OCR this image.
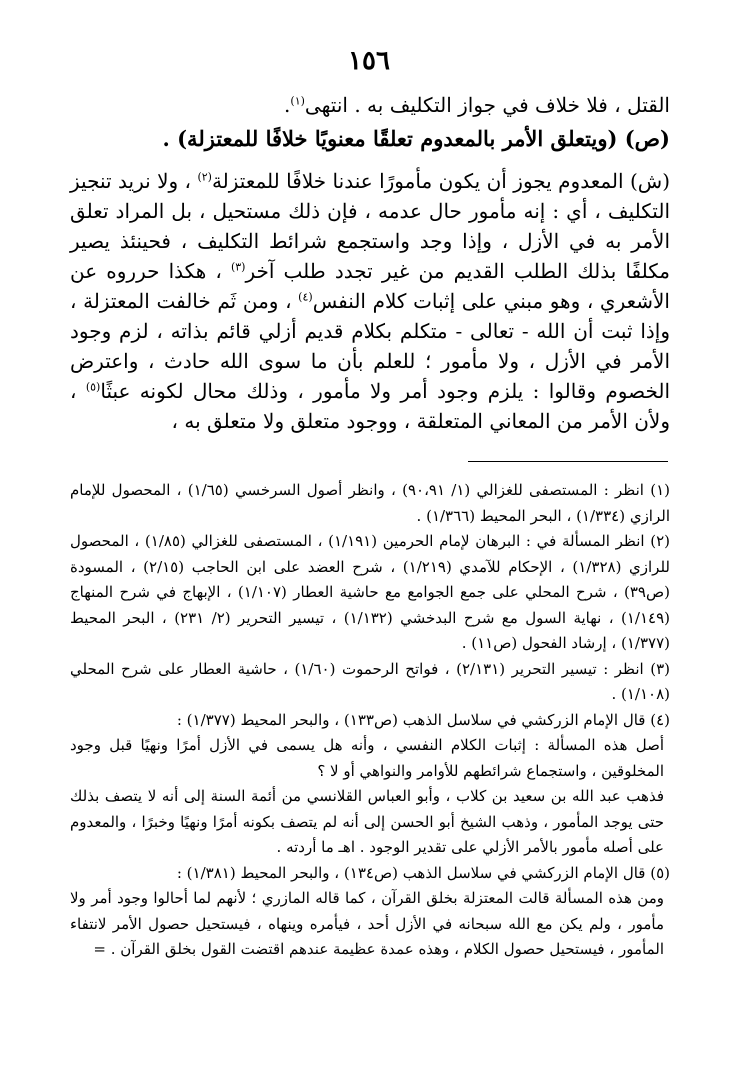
١٥٦

القتل ، فلا خلاف في جواز التكليف به . انتهى$^{(١)}$.

(ص) (ويتعلق الأمر بالمعدوم تعلقًا معنويًا خلافًا للمعتزلة) .

(ش) المعدوم يجوز أن يكون مأمورًا عندنا خلافًا للمعتزلة$^{(٢)}$ ، ولا نريد تنجيز التكليف ، أي : إنه مأمور حال عدمه ، فإن ذلك مستحيل ، بل المراد تعلق الأمر به في الأزل ، وإذا وجد واستجمع شرائط التكليف ، فحينئذ يصير مكلفًا بذلك الطلب القديم من غير تجدد طلب آخر$^{(٣)}$ ، هكذا حرروه عن الأشعري ، وهو مبني على إثبات كلام النفس$^{(٤)}$ ، ومن ثَم خالفت المعتزلة ، وإذا ثبت أن الله - تعالى - متكلم بكلام قديم أزلي قائم بذاته ، لزم وجود الأمر في الأزل ، ولا مأمور ؛ للعلم بأن ما سوى الله حادث ، واعترض الخصوم وقالوا : يلزم وجود أمر ولا مأمور ، وذلك محال لكونه عبثًا$^{(٥)}$ ، ولأن الأمر من المعاني المتعلقة ، ووجود متعلق ولا متعلق به ،

(١) انظر : المستصفى للغزالي (١/ ٩٠،٩١) ، وانظر أصول السرخسي (١/٦٥) ، المحصول للإمام الرازي (١/٣٣٤) ، البحر المحيط (١/٣٦٦) .

(٢) انظر المسألة في : البرهان لإمام الحرمين (١/١٩١) ، المستصفى للغزالي (١/٨٥) ، المحصول للرازي (١/٣٢٨) ، الإحكام للآمدي (١/٢١٩) ، شرح العضد على ابن الحاجب (٢/١٥) ، المسودة (ص٣٩) ، شرح المحلي على جمع الجوامع مع حاشية العطار (١/١٠٧) ، الإبهاج في شرح المنهاج (١/١٤٩) ، نهاية السول مع شرح البدخشي (١/١٣٢) ، تيسير التحرير (٢/ ٢٣١) ، البحر المحيط (١/٣٧٧) ، إرشاد الفحول (ص١١) .

(٣) انظر : تيسير التحرير (٢/١٣١) ، فواتح الرحموت (١/٦٠) ، حاشية العطار على شرح المحلي (١/١٠٨) .

(٤) قال الإمام الزركشي في سلاسل الذهب (ص١٣٣) ، والبحر المحيط (١/٣٧٧) :

أصل هذه المسألة : إثبات الكلام النفسي ، وأنه هل يسمى في الأزل أمرًا ونهيًا قبل وجود المخلوقين ، واستجماع شرائطهم للأوامر والنواهي أو لا ؟

فذهب عبد الله بن سعيد بن كلاب ، وأبو العباس القلانسي من أئمة السنة إلى أنه لا يتصف بذلك حتى يوجد المأمور ، وذهب الشيخ أبو الحسن إلى أنه لم يتصف بكونه أمرًا ونهيًا وخبرًا ، والمعدوم على أصله مأمور بالأمر الأزلي على تقدير الوجود . اهـ ما أردته .

(٥) قال الإمام الزركشي في سلاسل الذهب (ص١٣٤) ، والبحر المحيط (١/٣٨١) :

ومن هذه المسألة قالت المعتزلة بخلق القرآن ، كما قاله المازري ؛ لأنهم لما أحالوا وجود أمر ولا مأمور ، ولم يكن مع الله سبحانه في الأزل أحد ، فيأمره وينهاه ، فيستحيل حصول الأمر لانتفاء المأمور ، فيستحيل حصول الكلام ، وهذه عمدة عظيمة عندهم اقتضت القول بخلق القرآن . =
